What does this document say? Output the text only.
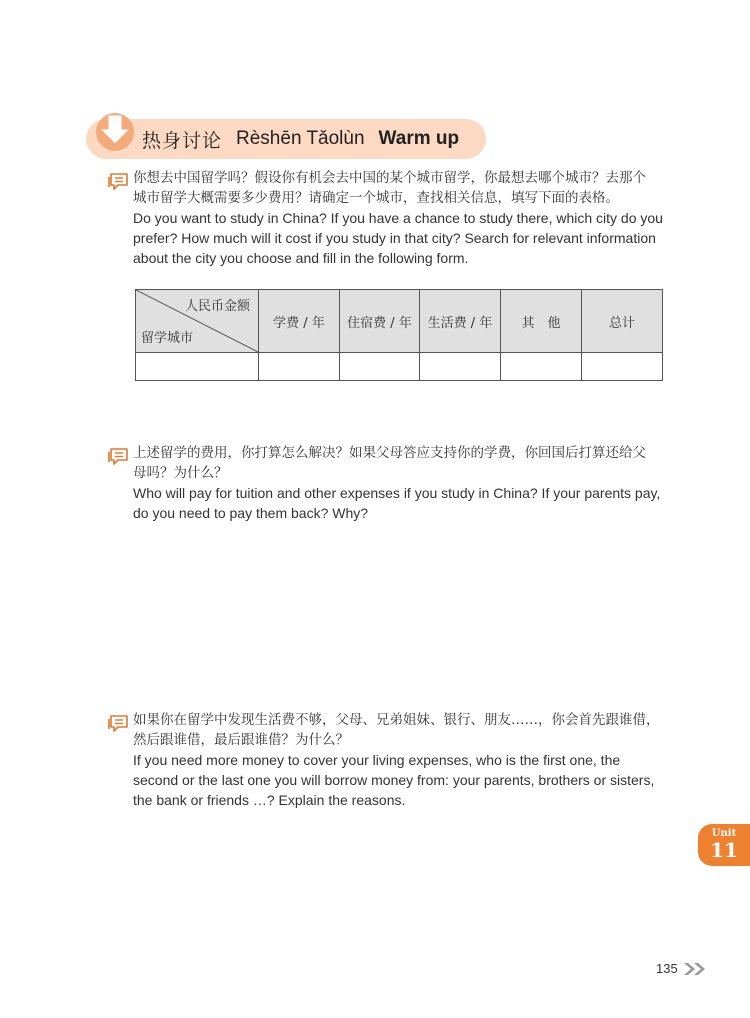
热身讨论 Rèshēn Tǎolùn Warm up
你想去中国留学吗？假设你有机会去中国的某个城市留学，你最想去哪个城市？去那个
城市留学大概需要多少费用？请确定一个城市，查找相关信息，填写下面的表格。
Do you want to study in China? If you have a chance to study there, which city do you prefer? How much will it cost if you study in that city? Search for relevant information about the city you choose and fill in the following form.
人民币金额
留学城市	学费 / 年	住宿费 / 年	生活费 / 年	其　他	总计

上述留学的费用，你打算怎么解决？如果父母答应支持你的学费，你回国后打算还给父
母吗？为什么？
Who will pay for tuition and other expenses if you study in China? If your parents pay, do you need to pay them back? Why?
如果你在留学中发现生活费不够，父母、兄弟姐妹、银行、朋友……，你会首先跟谁借，
然后跟谁借，最后跟谁借？为什么？
If you need more money to cover your living expenses, who is the first one, the second or the last one you will borrow money from: your parents, brothers or sisters, the bank or friends …? Explain the reasons.
Unit
11
135
